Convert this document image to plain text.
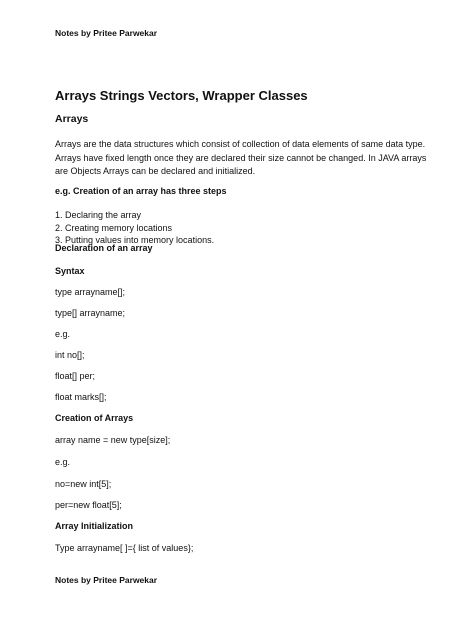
Notes by Pritee Parwekar
Arrays Strings Vectors, Wrapper Classes
Arrays
Arrays are the data structures which consist of collection of data elements of same data type.
Arrays have fixed length once they are declared their size cannot be changed. In JAVA arrays
are Objects Arrays can be declared and initialized.
e.g. Creation of an array has three steps
1. Declaring the array
2. Creating memory locations
3. Putting values into memory locations.
Declaration of an array
Syntax
type arrayname[];
type[] arrayname;
e.g.
int no[];
float[] per;
float marks[];
Creation of Arrays
array name = new type[size];
e.g.
no=new int[5];
per=new float[5];
Array Initialization
Type arrayname[ ]={ list of values};
Notes by Pritee Parwekar
